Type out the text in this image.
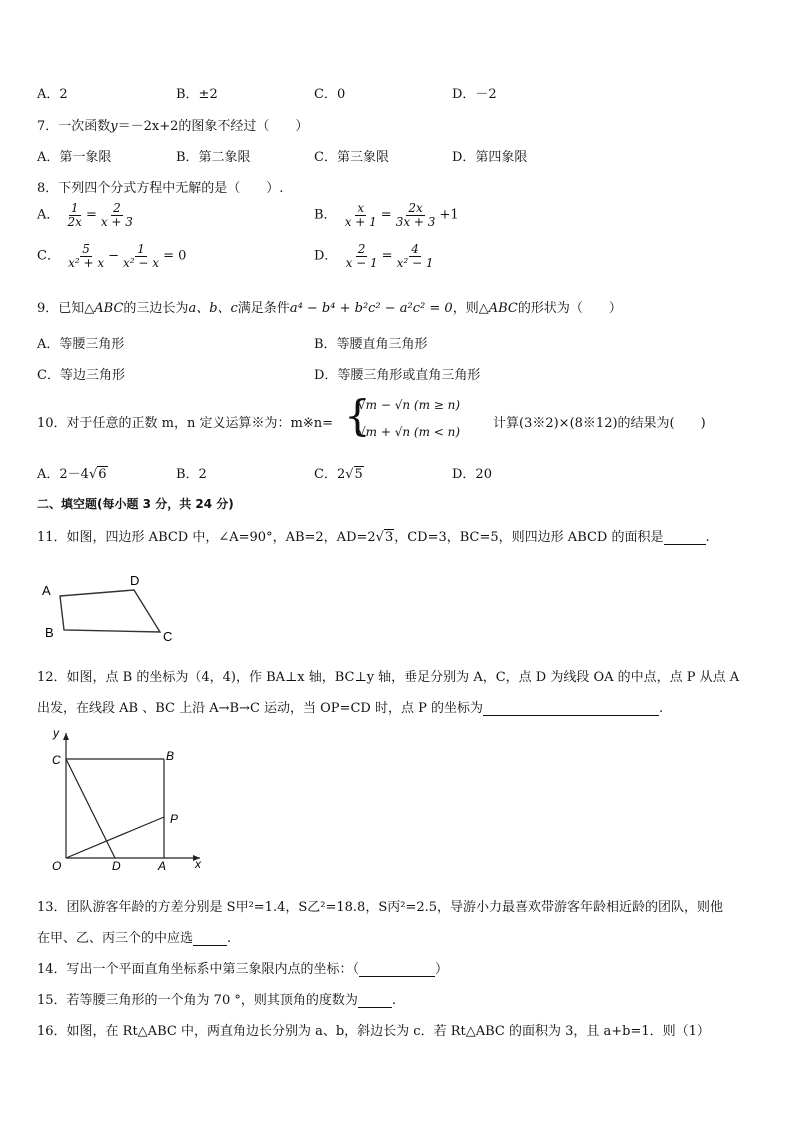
A．2	B．±2	C．0	D．－2
7．一次函数y＝－2x+2的图象不经过（　　）
A．第一象限	B．第二象限	C．第三象限	D．第四象限
8．下列四个分式方程中无解的是（　　）.
A． $\frac{1}{2x} = \frac{2}{x + 3}$	B． $\frac{x}{x + 1} = \frac{2x}{3x + 3} +1$
C． $\frac{5}{\text{x² + x}} - \frac{1}{\text{x² − x}} = 0$	D． $\frac{2}{x - 1} = \frac{4}{\text{x² − 1}}$
9．已知△ABC的三边长为a、b、c满足条件a⁴ − b⁴ + b²c² − a²c² = 0，则△ABC的形状为（　　）
A．等腰三角形	B．等腰直角三角形
C．等边三角形	D．等腰三角形或直角三角形
10．对于任意的正数 m，n 定义运算※为：m※n= {
√m − √n (m ≥ n)
√m + √n (m < n)
计算(3※2)×(8※12)的结果为(　　)
A．2－4√6	B．2	C．2√5	D．20
二、填空题(每小题 3 分，共 24 分)
11．如图，四边形 ABCD 中，∠A=90°，AB=2，AD=2√3，CD=3，BC=5，则四边形 ABCD 的面积是	.
A
D
B	C
12．如图，点 B 的坐标为（4，4)，作 BA⊥x 轴，BC⊥y 轴，垂足分别为 A，C，点 D 为线段 OA 的中点，点 P 从点 A
出发，在线段 AB 、BC 上沿 A→B→C 运动，当 OP=CD 时，点 P 的坐标为	.
y
x
C	B
P
O	D	A
13．团队游客年龄的方差分别是 S甲²=1.4，S乙²=18.8，S丙²=2.5，导游小力最喜欢带游客年龄相近龄的团队，则他
在甲、乙、丙三个的中应选	.
14．写出一个平面直角坐标系中第三象限内点的坐标：（	）
15．若等腰三角形的一个角为 70 °，则其顶角的度数为	.
16．如图，在 Rt△ABC 中，两直角边长分别为 a、b，斜边长为 c．若 Rt△ABC 的面积为 3，且 a+b=1．则（1）
